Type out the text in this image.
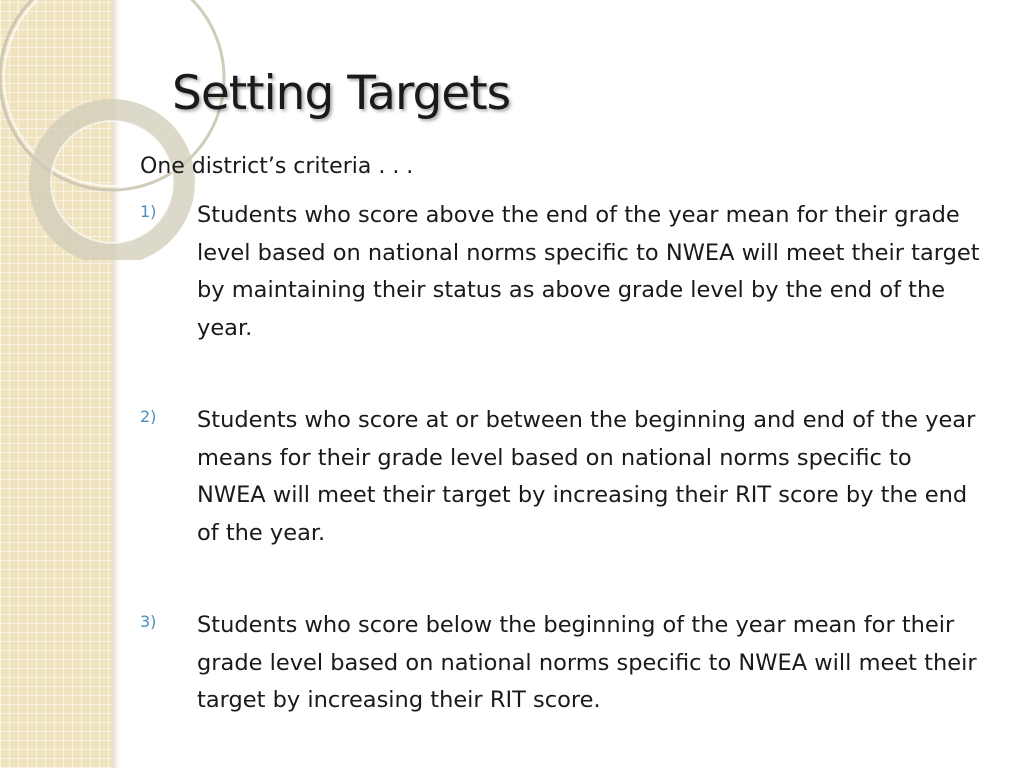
Setting Targets
One district’s criteria . . .
1)	Students who score above the end of the year mean for their grade level based on national norms specific to NWEA will meet their target by maintaining their status as above grade level by the end of the year.
2)	Students who score at or between the beginning and end of the year means for their grade level based on national norms specific to NWEA will meet their target by increasing their RIT score by the end of the year.
3)	Students who score below the beginning of the year mean for their grade level based on national norms specific to NWEA will meet their target by increasing their RIT score.
